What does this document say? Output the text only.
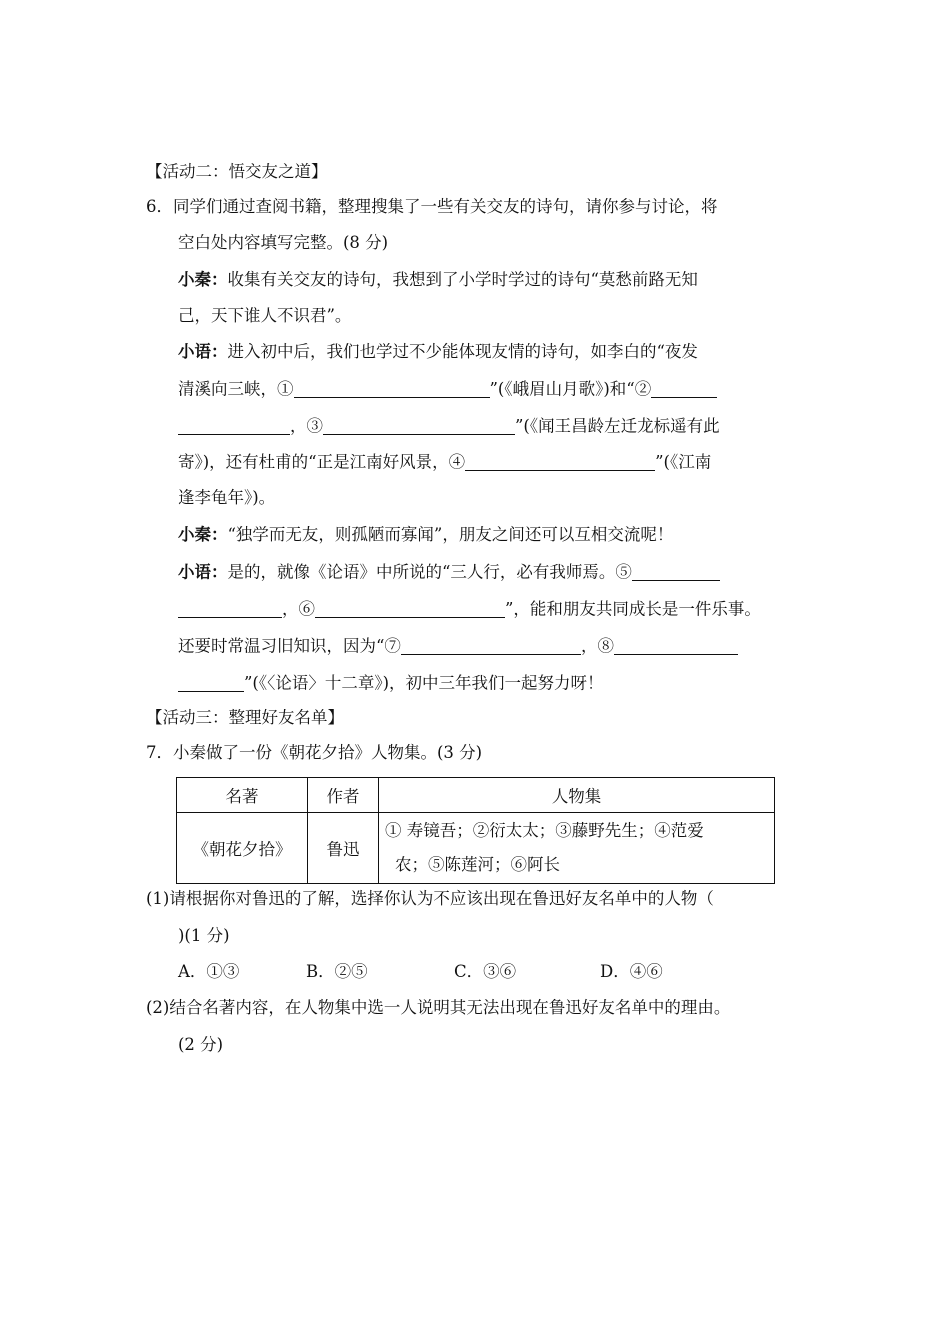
【活动二：悟交友之道】
6．同学们通过查阅书籍，整理搜集了一些有关交友的诗句，请你参与讨论，将
空白处内容填写完整。(8 分)
小秦：收集有关交友的诗句，我想到了小学时学过的诗句“莫愁前路无知
己，天下谁人不识君”。
小语：进入初中后，我们也学过不少能体现友情的诗句，如李白的“夜发
清溪向三峡，①	”(《峨眉山月歌》)和“②
，③	”(《闻王昌龄左迁龙标遥有此
寄》)，还有杜甫的“正是江南好风景，④	”(《江南
逢李龟年》)。
小秦：“独学而无友，则孤陋而寡闻”，朋友之间还可以互相交流呢！
小语：是的，就像《论语》中所说的“三人行，必有我师焉。⑤
，⑥	”，能和朋友共同成长是一件乐事。
还要时常温习旧知识，因为“⑦	，⑧
”(《〈论语〉十二章》)，初中三年我们一起努力呀！
【活动三：整理好友名单】
7．小秦做了一份《朝花夕拾》人物集。(3 分)
名著	作者	人物集
《朝花夕拾》	鲁迅	① 寿镜吾；②衍太太；③藤野先生；④范爱
农；⑤陈莲河；⑥阿长
(1)请根据你对鲁迅的了解，选择你认为不应该出现在鲁迅好友名单中的人物（
)(1 分)
A．①③	B．②⑤	C．③⑥	D．④⑥
(2)结合名著内容，在人物集中选一人说明其无法出现在鲁迅好友名单中的理由。
(2 分)
